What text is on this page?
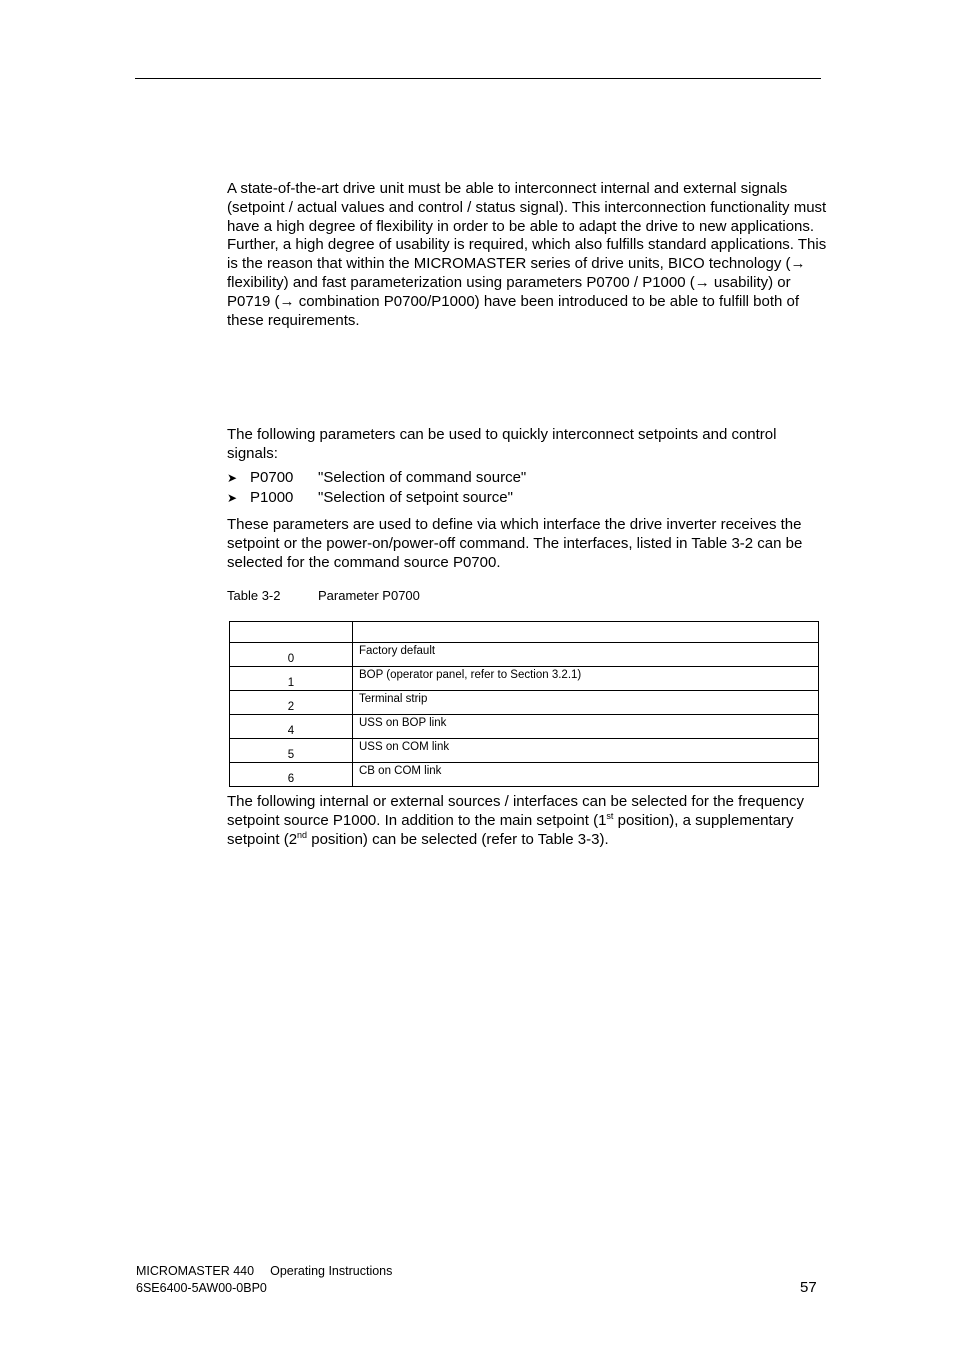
A state-of-the-art drive unit must be able to interconnect internal and external signals (setpoint / actual values and control / status signal). This interconnection functionality must have a high degree of flexibility in order to be able to adapt the drive to new applications. Further, a high degree of usability is required, which also fulfills standard applications. This is the reason that within the MICROMASTER series of drive units, BICO technology (→ flexibility) and fast parameterization using parameters P0700 / P1000 (→ usability) or P0719 (→ combination P0700/P1000) have been introduced to be able to fulfill both of these requirements.

The following parameters can be used to quickly interconnect setpoints and control signals:

➤ P0700	"Selection of command source"
➤ P1000	"Selection of setpoint source"

These parameters are used to define via which interface the drive inverter receives the setpoint or the power-on/power-off command. The interfaces, listed in Table 3-2 can be selected for the command source P0700.

Table 3-2	Parameter P0700

0	Factory default
1	BOP (operator panel, refer to Section 3.2.1)
2	Terminal strip
4	USS on BOP link
5	USS on COM link
6	CB on COM link

The following internal or external sources / interfaces can be selected for the frequency setpoint source P1000. In addition to the main setpoint (1st position), a supplementary setpoint (2nd position) can be selected (refer to Table 3-3).

MICROMASTER 440 Operating Instructions
6SE6400-5AW00-0BP0	57
